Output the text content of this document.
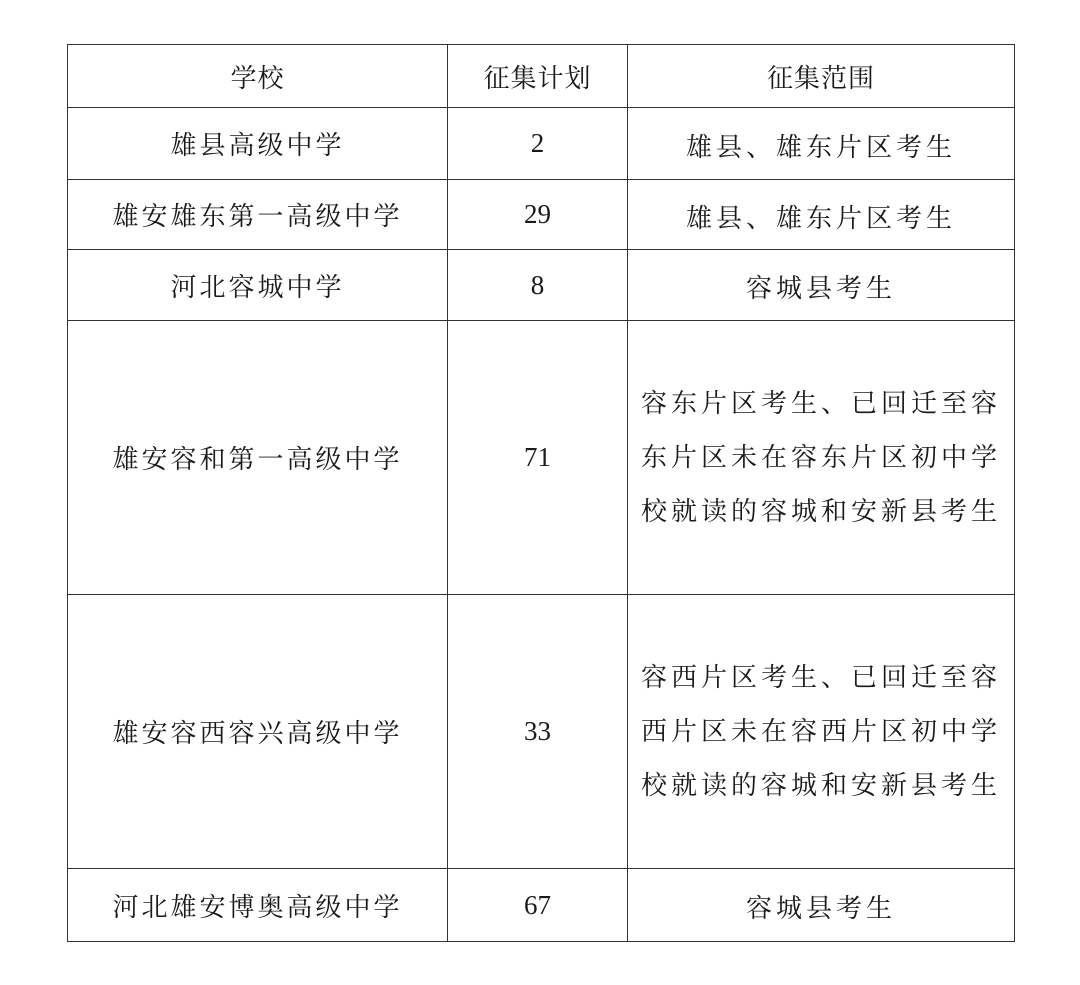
学校	征集计划	征集范围
雄县高级中学	2	雄县、雄东片区考生
雄安雄东第一高级中学	29	雄县、雄东片区考生
河北容城中学	8	容城县考生
雄安容和第一高级中学	71	容东片区考生、已回迁至容
东片区未在容东片区初中学
校就读的容城和安新县考生

雄安容西容兴高级中学	33	容西片区考生、已回迁至容
西片区未在容西片区初中学
校就读的容城和安新县考生

河北雄安博奥高级中学	67	容城县考生
